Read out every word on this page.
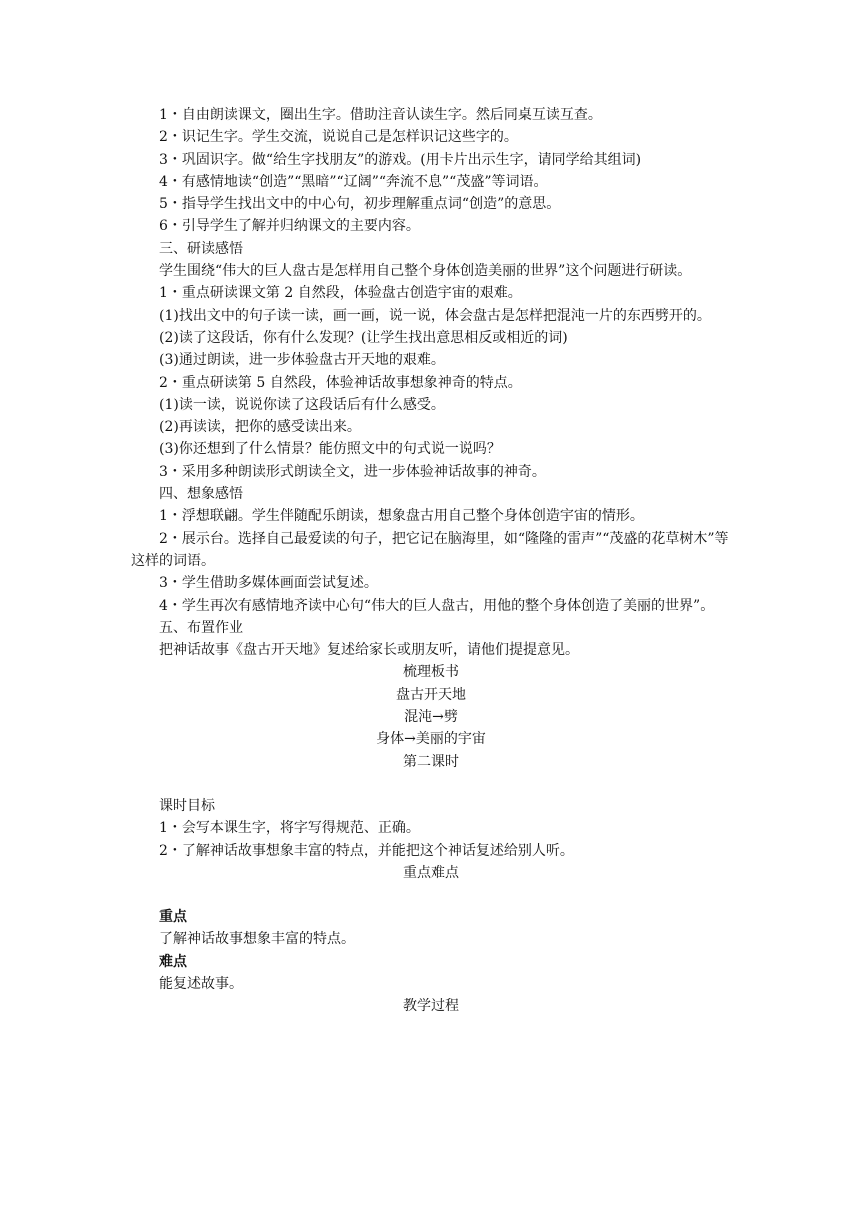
1・自由朗读课文，圈出生字。借助注音认读生字。然后同桌互读互查。

2・识记生字。学生交流，说说自己是怎样识记这些字的。

3・巩固识字。做“给生字找朋友”的游戏。(用卡片出示生字，请同学给其组词)

4・有感情地读“创造”“黑暗”“辽阔”“奔流不息”“茂盛”等词语。

5・指导学生找出文中的中心句，初步理解重点词“创造”的意思。

6・引导学生了解并归纳课文的主要内容。

三、研读感悟

学生围绕“伟大的巨人盘古是怎样用自己整个身体创造美丽的世界”这个问题进行研读。

1・重点研读课文第 2 自然段，体验盘古创造宇宙的艰难。

(1)找出文中的句子读一读，画一画，说一说，体会盘古是怎样把混沌一片的东西劈开的。

(2)读了这段话，你有什么发现？(让学生找出意思相反或相近的词)

(3)通过朗读，进一步体验盘古开天地的艰难。

2・重点研读第 5 自然段，体验神话故事想象神奇的特点。

(1)读一读，说说你读了这段话后有什么感受。

(2)再读读，把你的感受读出来。

(3)你还想到了什么情景？能仿照文中的句式说一说吗？

3・采用多种朗读形式朗读全文，进一步体验神话故事的神奇。

四、想象感悟

1・浮想联翩。学生伴随配乐朗读，想象盘古用自己整个身体创造宇宙的情形。

2・展示台。选择自己最爱读的句子，把它记在脑海里，如“隆隆的雷声”“茂盛的花草树木”等这样的词语。

3・学生借助多媒体画面尝试复述。

4・学生再次有感情地齐读中心句“伟大的巨人盘古，用他的整个身体创造了美丽的世界”。

五、布置作业

把神话故事《盘古开天地》复述给家长或朋友听，请他们提提意见。

梳理板书

盘古开天地

混沌→劈

身体→美丽的宇宙

第二课时

课时目标

1・会写本课生字，将字写得规范、正确。

2・了解神话故事想象丰富的特点，并能把这个神话复述给别人听。

重点难点

重点

了解神话故事想象丰富的特点。

难点

能复述故事。

教学过程
